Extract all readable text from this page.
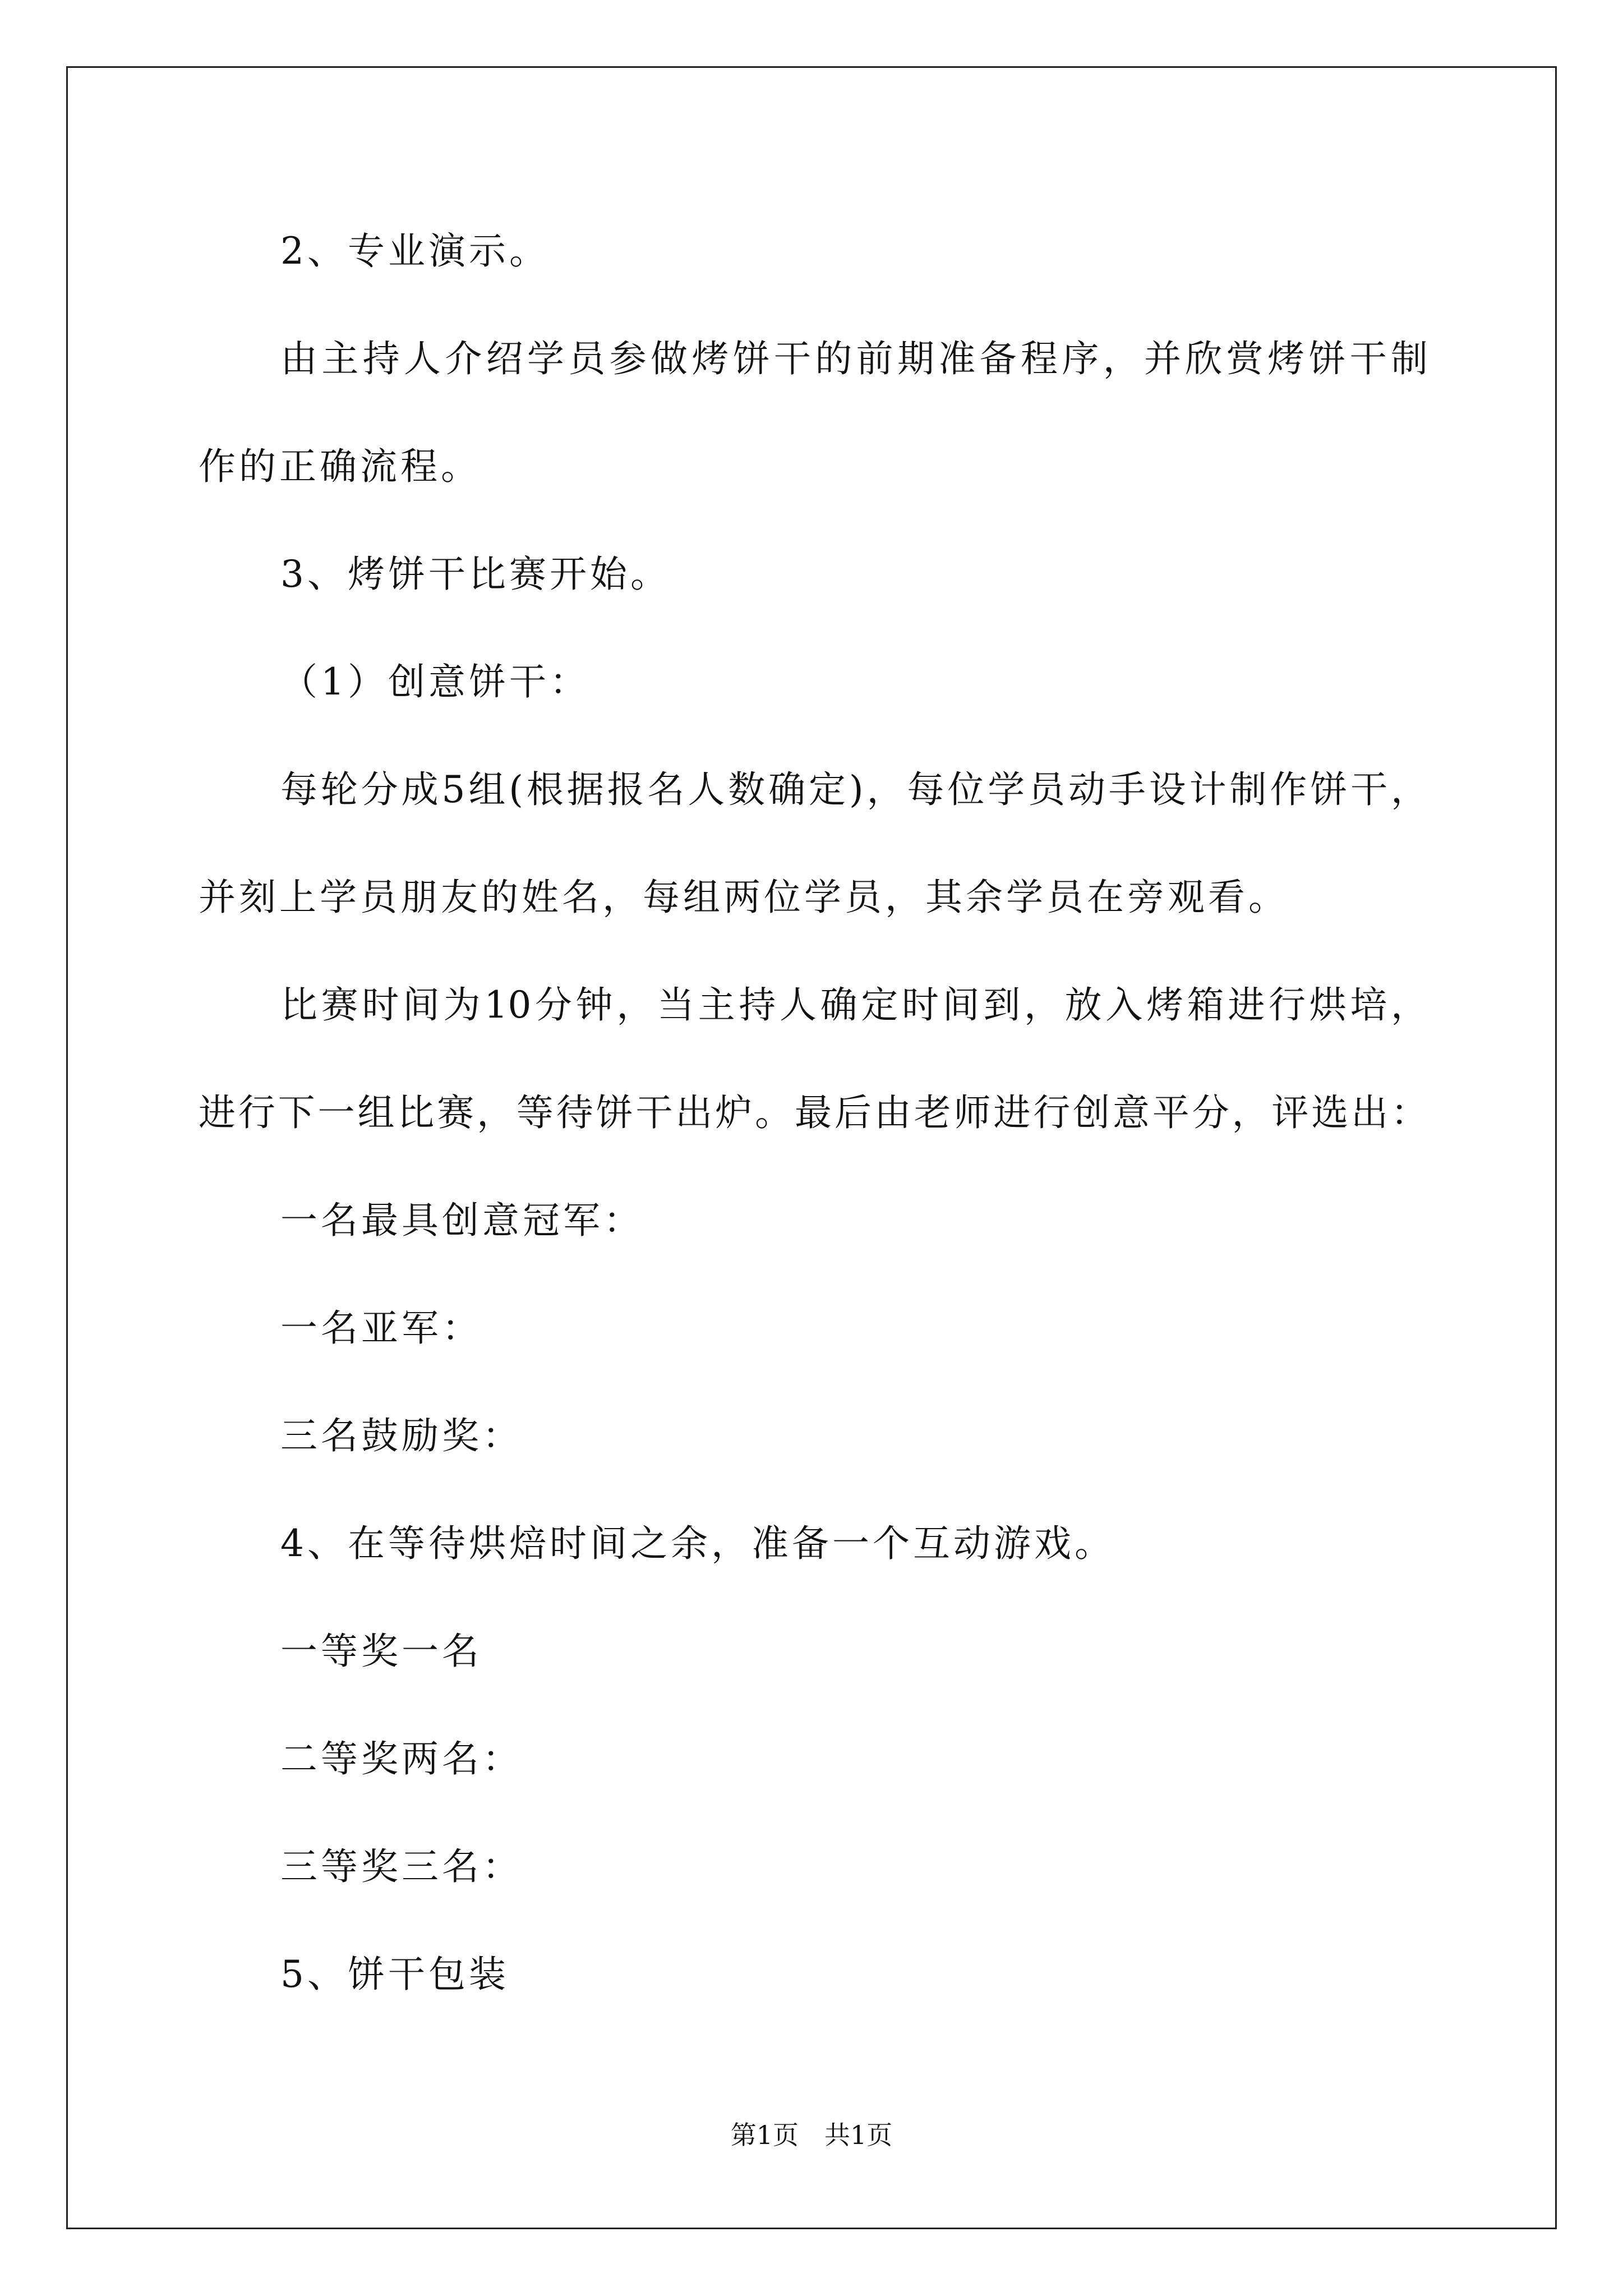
2、专业演示。
由主持人介绍学员参做烤饼干的前期准备程序，并欣赏烤饼干制
作的正确流程。
3、烤饼干比赛开始。
（1）创意饼干：
每轮分成5组(根据报名人数确定)，每位学员动手设计制作饼干，
并刻上学员朋友的姓名，每组两位学员，其余学员在旁观看。
比赛时间为10分钟，当主持人确定时间到，放入烤箱进行烘培，
进行下一组比赛，等待饼干出炉。最后由老师进行创意平分，评选出：
一名最具创意冠军：
一名亚军：
三名鼓励奖：
4、在等待烘焙时间之余，准备一个互动游戏。
一等奖一名
二等奖两名：
三等奖三名：
5、饼干包装
第1页　共1页
